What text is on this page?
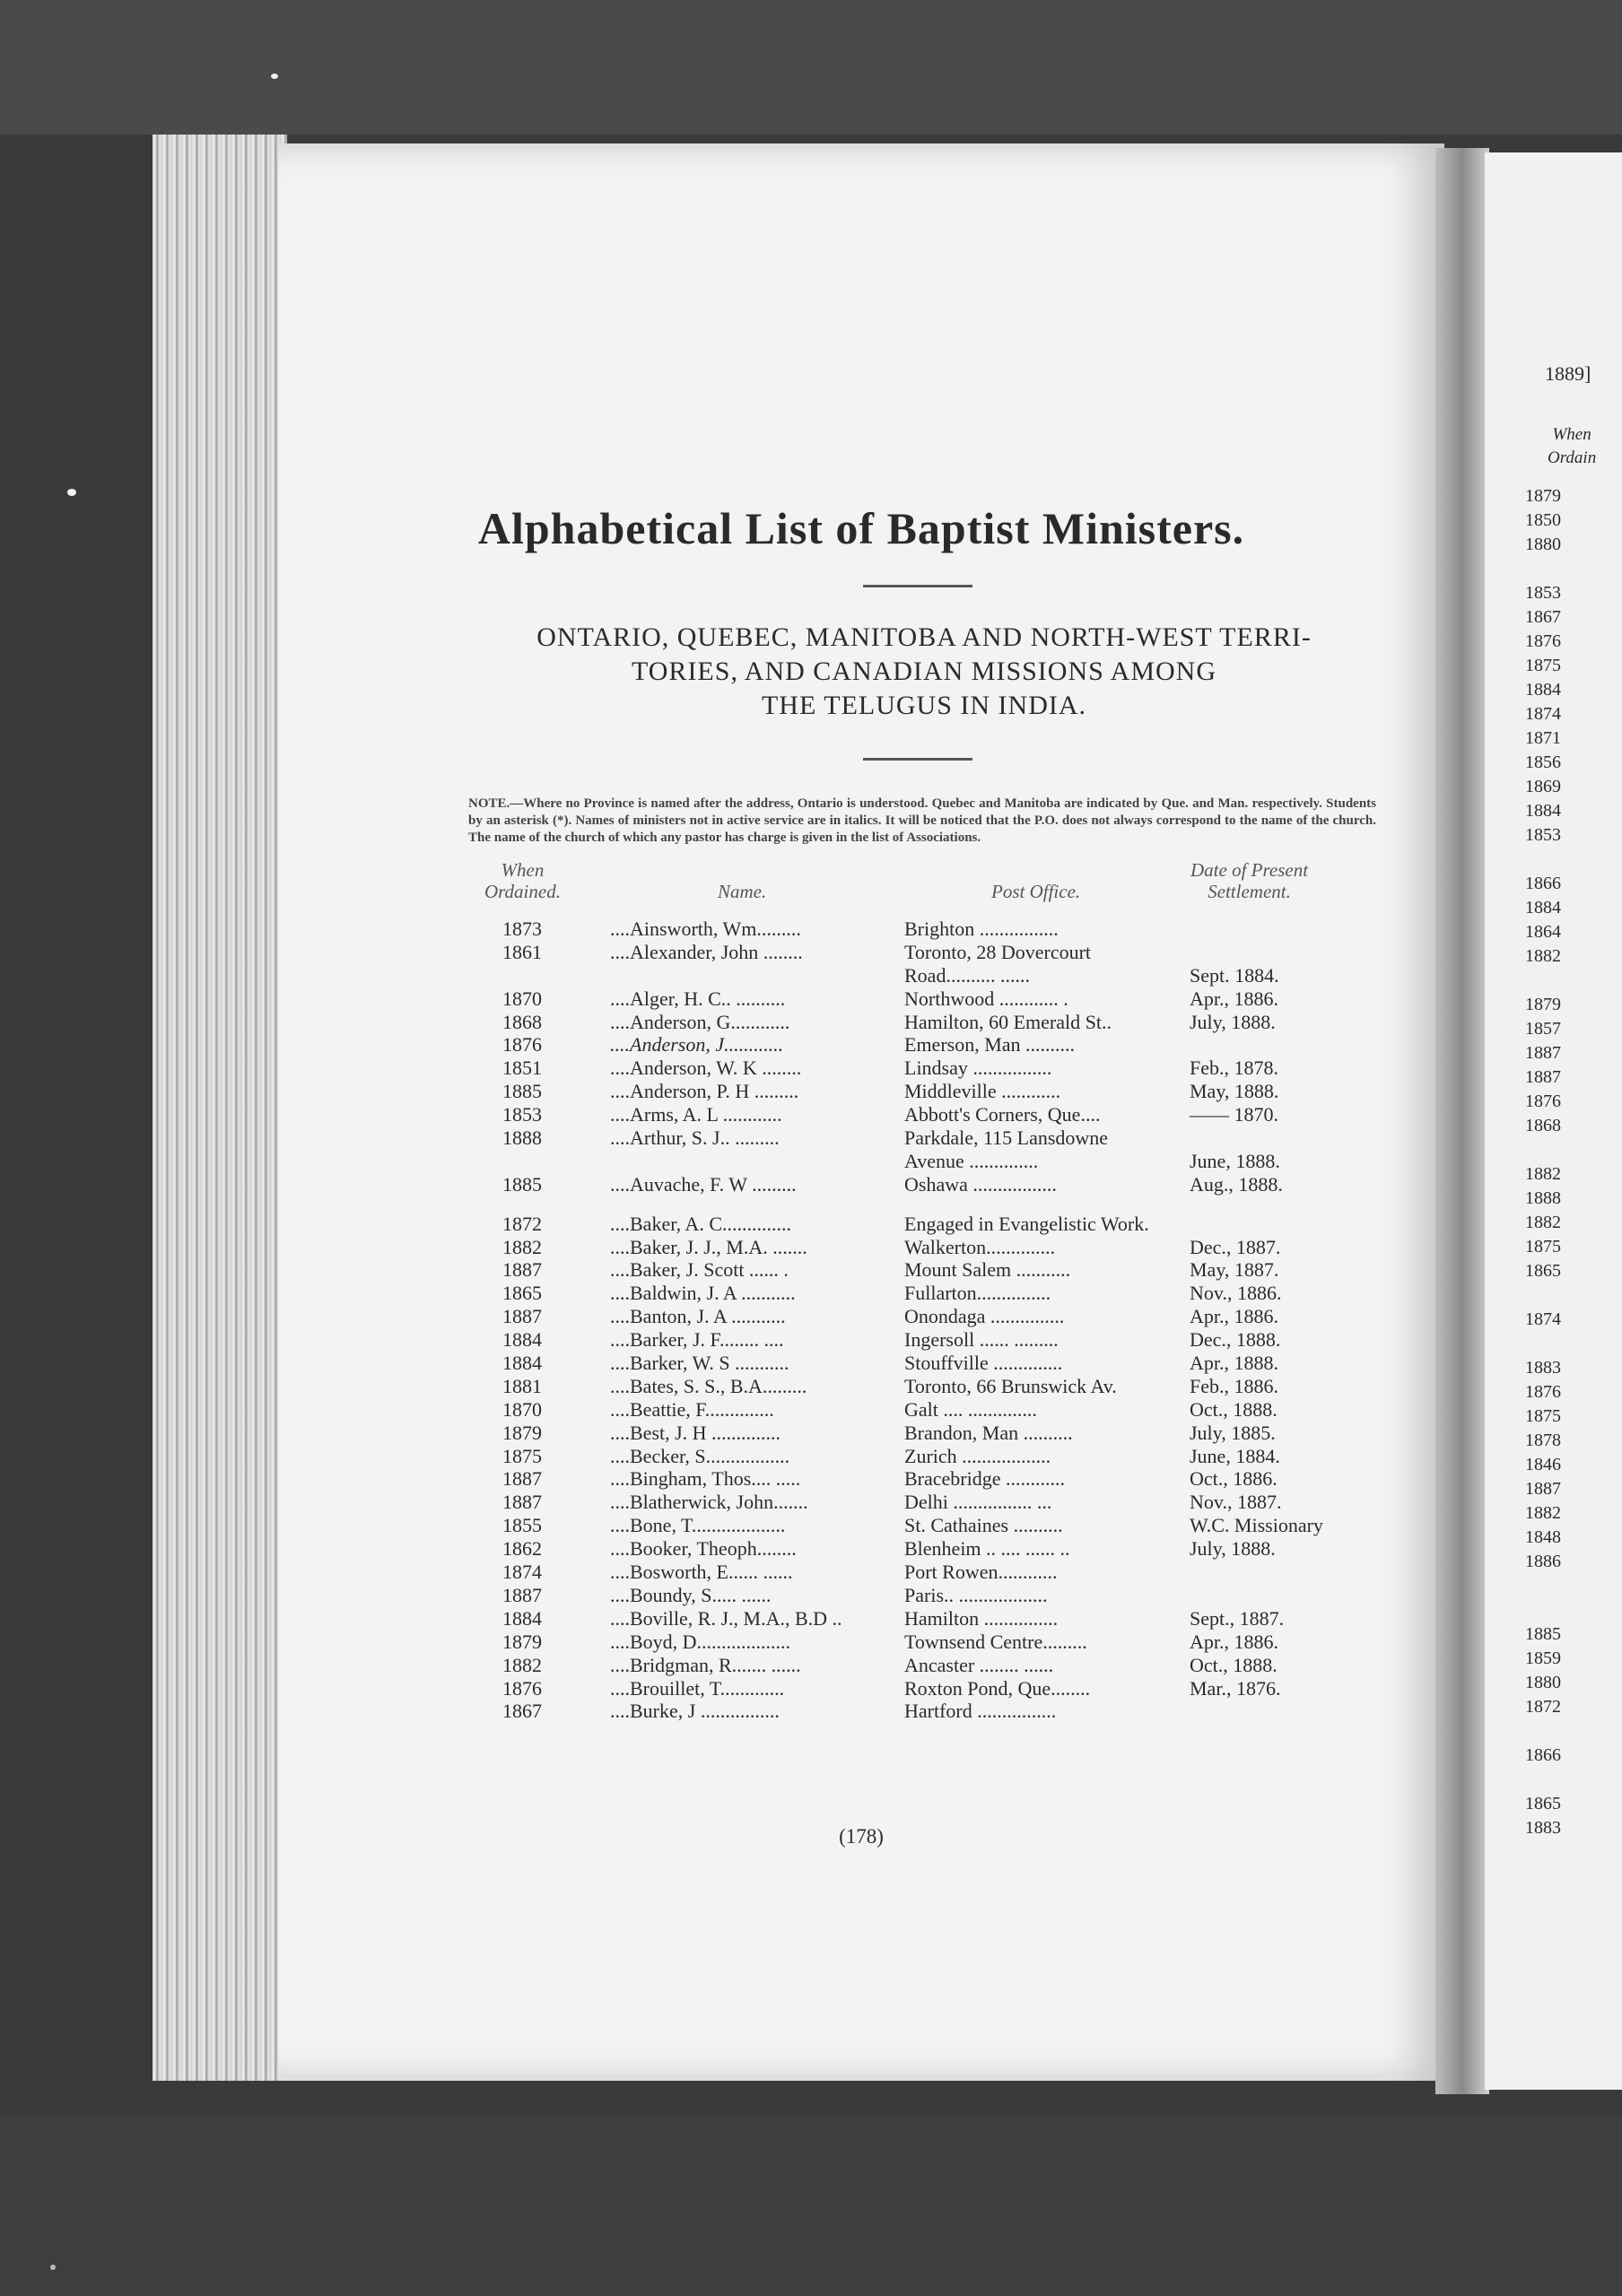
1889]
When
Ordain
1879
1850
1880

1853
1867
1876
1875
1884
1874
1871
1856
1869
1884
1853

1866
1884
1864
1882

1879
1857
1887
1887
1876
1868

1882
1888
1882
1875
1865

1874

1883
1876
1875
1878
1846
1887
1882
1848
1886

1885
1859
1880
1872

1866

1865
1883
Alphabetical List of Baptist Ministers.
ONTARIO, QUEBEC, MANITOBA AND NORTH-WEST TERRI-
TORIES, AND CANADIAN MISSIONS AMONG
THE TELUGUS IN INDIA.
NOTE.—Where no Province is named after the address, Ontario is understood. Quebec and Manitoba are indicated by Que. and Man. respectively. Students by an asterisk (*). Names of ministers not in active service are in italics. It will be noticed that the P.O. does not always correspond to the name of the church. The name of the church of which any pastor has charge is given in the list of Associations.
When
Ordained.	Name.	Post Office.
Date of Present
Settlement.
1873	....Ainsworth, Wm.........	Brighton ................
1861	....Alexander, John ........	Toronto, 28 Dovercourt
Road.......... ......	Sept. 1884.
1870	....Alger, H. C.. ..........	Northwood ............ .	Apr., 1886.
1868	....Anderson, G............	Hamilton, 60 Emerald St..	July, 1888.
1876	....Anderson, J............	Emerson, Man ..........
1851	....Anderson, W. K ........	Lindsay ................	Feb., 1878.
1885	....Anderson, P. H .........	Middleville ............	May, 1888.
1853	....Arms, A. L ............	Abbott's Corners, Que....	—— 1870.
1888	....Arthur, S. J.. .........	Parkdale, 115 Lansdowne
Avenue ..............	June, 1888.
1885	....Auvache, F. W .........	Oshawa .................	Aug., 1888.
1872	....Baker, A. C..............	Engaged in Evangelistic Work.
1882	....Baker, J. J., M.A. .......	Walkerton..............	Dec., 1887.
1887	....Baker, J. Scott ...... .	Mount Salem ...........	May, 1887.
1865	....Baldwin, J. A ...........	Fullarton...............	Nov., 1886.
1887	....Banton, J. A ...........	Onondaga ...............	Apr., 1886.
1884	....Barker, J. F........ ....	Ingersoll ...... .........	Dec., 1888.
1884	....Barker, W. S ...........	Stouffville ..............	Apr., 1888.
1881	....Bates, S. S., B.A.........	Toronto, 66 Brunswick Av.	Feb., 1886.
1870	....Beattie, F..............	Galt .... ..............	Oct., 1888.
1879	....Best, J. H ..............	Brandon, Man ..........	July, 1885.
1875	....Becker, S.................	Zurich ..................	June, 1884.
1887	....Bingham, Thos.... .....	Bracebridge ............	Oct., 1886.
1887	....Blatherwick, John.......	Delhi ................ ...	Nov., 1887.
1855	....Bone, T...................	St. Cathaines ..........	W.C. Missionary
1862	....Booker, Theoph........	Blenheim .. .... ...... ..	July, 1888.
1874	....Bosworth, E...... ......	Port Rowen............
1887	....Boundy, S..... ......	Paris.. ..................
1884	....Boville, R. J., M.A., B.D ..	Hamilton ...............	Sept., 1887.
1879	....Boyd, D...................	Townsend Centre.........	Apr., 1886.
1882	....Bridgman, R....... ......	Ancaster ........ ......	Oct., 1888.
1876	....Brouillet, T.............	Roxton Pond, Que........	Mar., 1876.
1867	....Burke, J ................	Hartford ................
(178)
